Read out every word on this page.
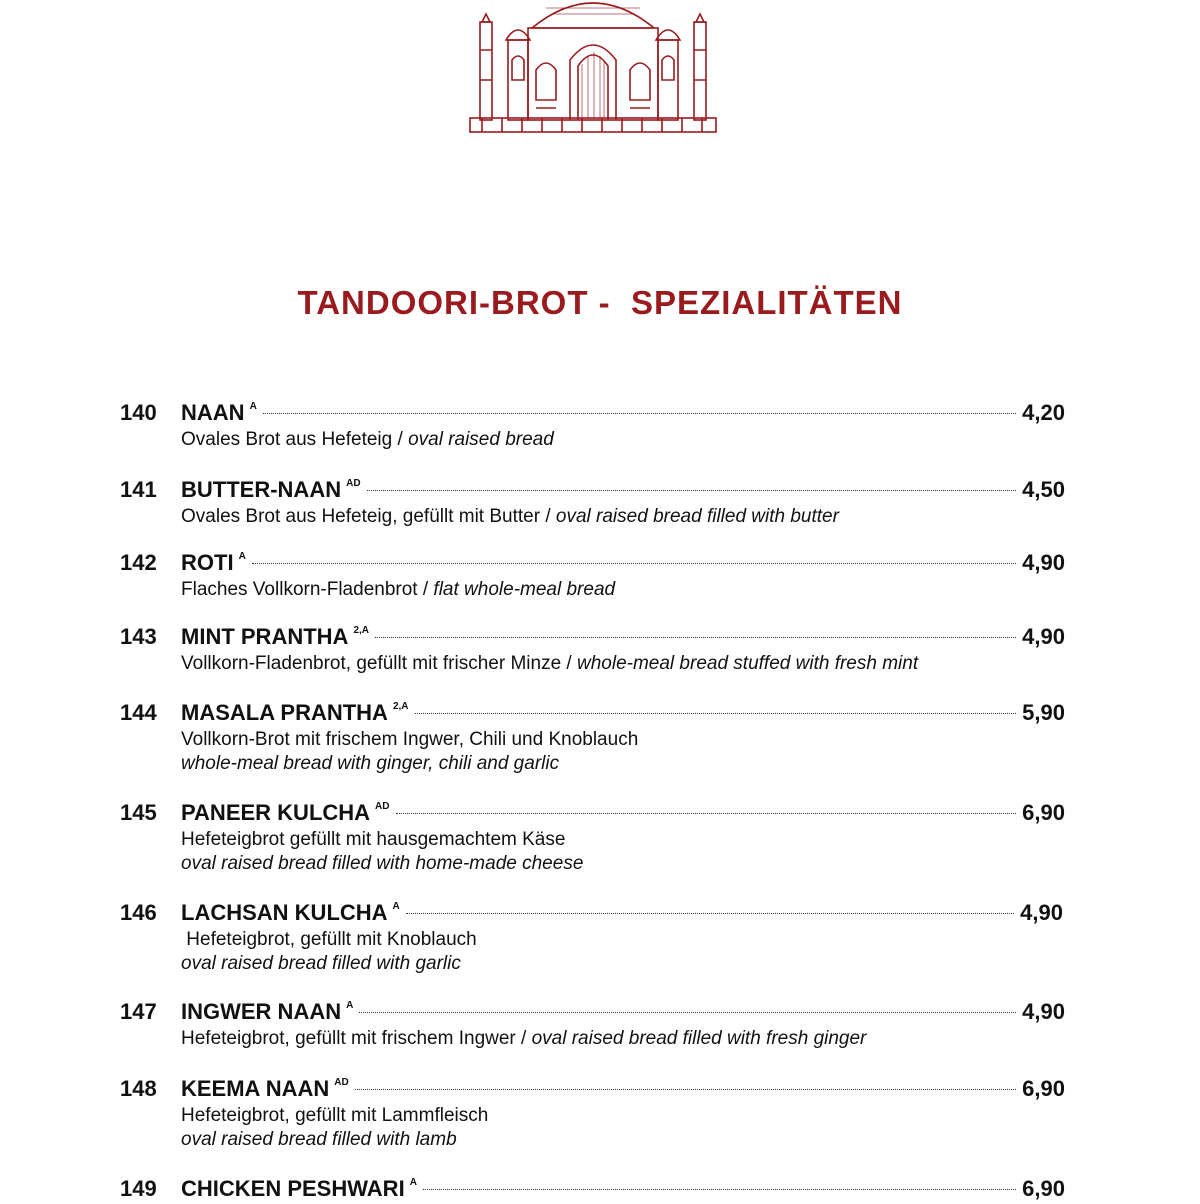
TANDOORI-BROT -  SPEZIALITÄTEN
140 NAAN A	4,20
Ovales Brot aus Hefeteig / oval raised bread
141 BUTTER-NAAN AD	4,50
Ovales Brot aus Hefeteig, gefüllt mit Butter / oval raised bread filled with butter
142 ROTI A	4,90
Flaches Vollkorn-Fladenbrot / flat whole-meal bread
143 MINT PRANTHA 2,A	4,90
Vollkorn-Fladenbrot, gefüllt mit frischer Minze / whole-meal bread stuffed with fresh mint
144 MASALA PRANTHA 2,A	5,90
Vollkorn-Brot mit frischem Ingwer, Chili und Knoblauch
whole-meal bread with ginger, chili and garlic
145 PANEER KULCHA AD	6,90
Hefeteigbrot gefüllt mit hausgemachtem Käse
oval raised bread filled with home-made cheese
146 LACHSAN KULCHA A	4,90
Hefeteigbrot, gefüllt mit Knoblauch
oval raised bread filled with garlic
147 INGWER NAAN A	4,90
Hefeteigbrot, gefüllt mit frischem Ingwer / oval raised bread filled with fresh ginger
148 KEEMA NAAN AD	6,90
Hefeteigbrot, gefüllt mit Lammfleisch
oval raised bread filled with lamb
149 CHICKEN PESHWARI A	6,90
